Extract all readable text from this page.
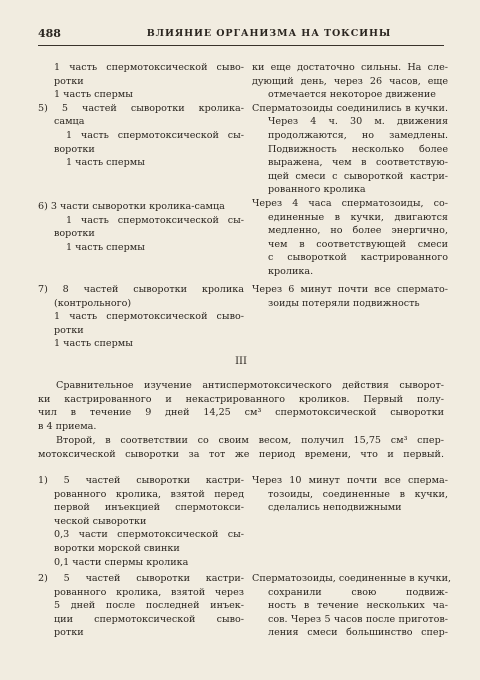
488	ВЛИЯНИЕ ОРГАНИЗМА НА ТОКСИНЫ
1 часть спермотоксической сыво-
ротки
1 часть спермы
5) 5 частей сыворотки кролика-
самца
1 часть спермотоксической сы-
воротки
1 часть спермы
6) 3 части сыворотки кролика-самца
1 часть спермотоксической сы-
воротки
1 часть спермы
7) 8 частей сыворотки кролика
(контрольного)
1 часть спермотоксической сыво-
ротки
1 часть спермы
ки еще достаточно сильны. На сле-
дующий день, через 26 часов, еще
отмечается некоторое движение
Сперматозоиды соединились в кучки.
Через 4 ч. 30 м. движения
продолжаются, но замедлены.
Подвижность несколько более
выражена, чем в соответствую-
щей смеси с сывороткой кастри-
рованного кролика
Через 4 часа сперматозоиды, со-
единенные в кучки, двигаются
медленно, но более энергично,
чем в соответствующей смеси
с сывороткой кастрированного
кролика.
Через 6 минут почти все спермато-
зоиды потеряли подвижность
III
Сравнительное изучение антиспермотоксического действия сыворот-
ки кастрированного и некастрированного кроликов. Первый полу-
чил в течение 9 дней 14,25 см³ спермотоксической сыворотки
в 4 приема.
Второй, в соответствии со своим весом, получил 15,75 см³ спер-
мотоксической сыворотки за тот же период времени, что и первый.
1) 5 частей сыворотки кастри-
рованного кролика, взятой перед
первой инъекцией спермотокси-
ческой сыворотки
0,3 части спермотоксической сы-
воротки морской свинки
0,1 части спермы кролика
2) 5 частей сыворотки кастри-
рованного кролика, взятой через
5 дней после последней инъек-
ции спермотоксической сыво-
ротки
Через 10 минут почти все сперма-
тозоиды, соединенные в кучки,
сделались неподвижными
Сперматозоиды, соединенные в кучки,
сохранили свою подвиж-
ность в течение нескольких ча-
сов. Через 5 часов после приготов-
ления смеси большинство спер-
